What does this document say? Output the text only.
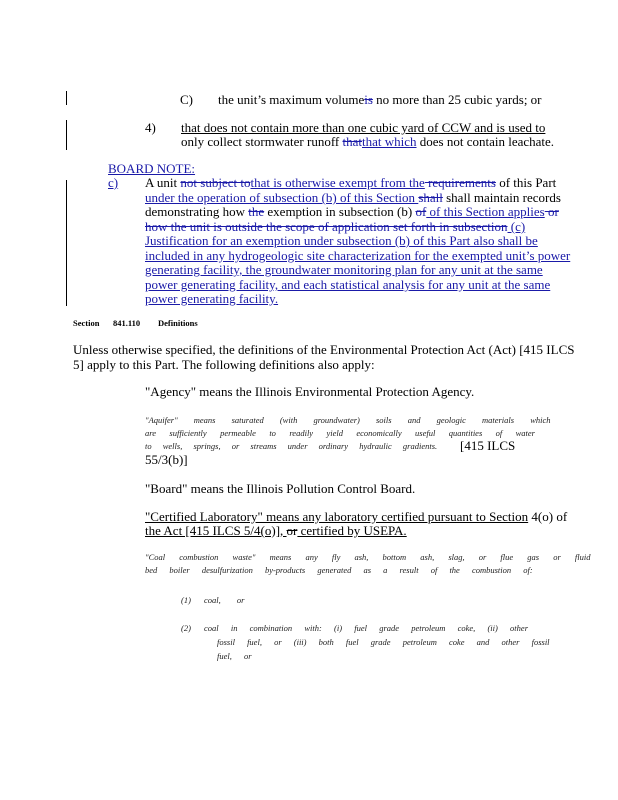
C) the unit’s maximum volumeis no more than 25 cubic yards; or
4) that does not contain more than one cubic yard of CCW and is used to
only collect stormwater runoff thatthat which does not contain leachate.
BOARD NOTE:
c) A unit not subject tothat is otherwise exempt from the requirements of this Part
under the operation of subsection (b) of this Section shall shall maintain records
demonstrating how the exemption in subsection (b) of of this Section applies or
how the unit is outside the scope of application set forth in subsection (c)
Justification for an exemption under subsection (b) of this Part also shall be
included in any hydrogeologic site characterization for the exempted unit’s power
generating facility, the groundwater monitoring plan for any unit at the same
power generating facility, and each statistical analysis for any unit at the same
power generating facility.
Section 841.110 Definitions
Unless otherwise specified, the definitions of the Environmental Protection Act (Act) [415 ILCS
5] apply to this Part. The following definitions also apply:
"Agency" means the Illinois Environmental Protection Agency.
"Aquifer" means saturated (with groundwater) soils and geologic materials which
are sufficiently permeable to readily yield economically useful quantities of water
to wells, springs, or streams under ordinary hydraulic gradients. [415 ILCS
55/3(b)]
"Board" means the Illinois Pollution Control Board.
"Certified Laboratory" means any laboratory certified pursuant to Section 4(o) of
the Act [415 ILCS 5/4(o)], or certified by USEPA.
"Coal combustion waste" means any fly ash, bottom ash, slag, or flue gas or fluid
bed boiler desulfurization by-products generated as a result of the combustion of:
(1) coal, or
(2) coal in combination with: (i) fuel grade petroleum coke, (ii) other
fossil fuel, or (iii) both fuel grade petroleum coke and other fossil
fuel, or
